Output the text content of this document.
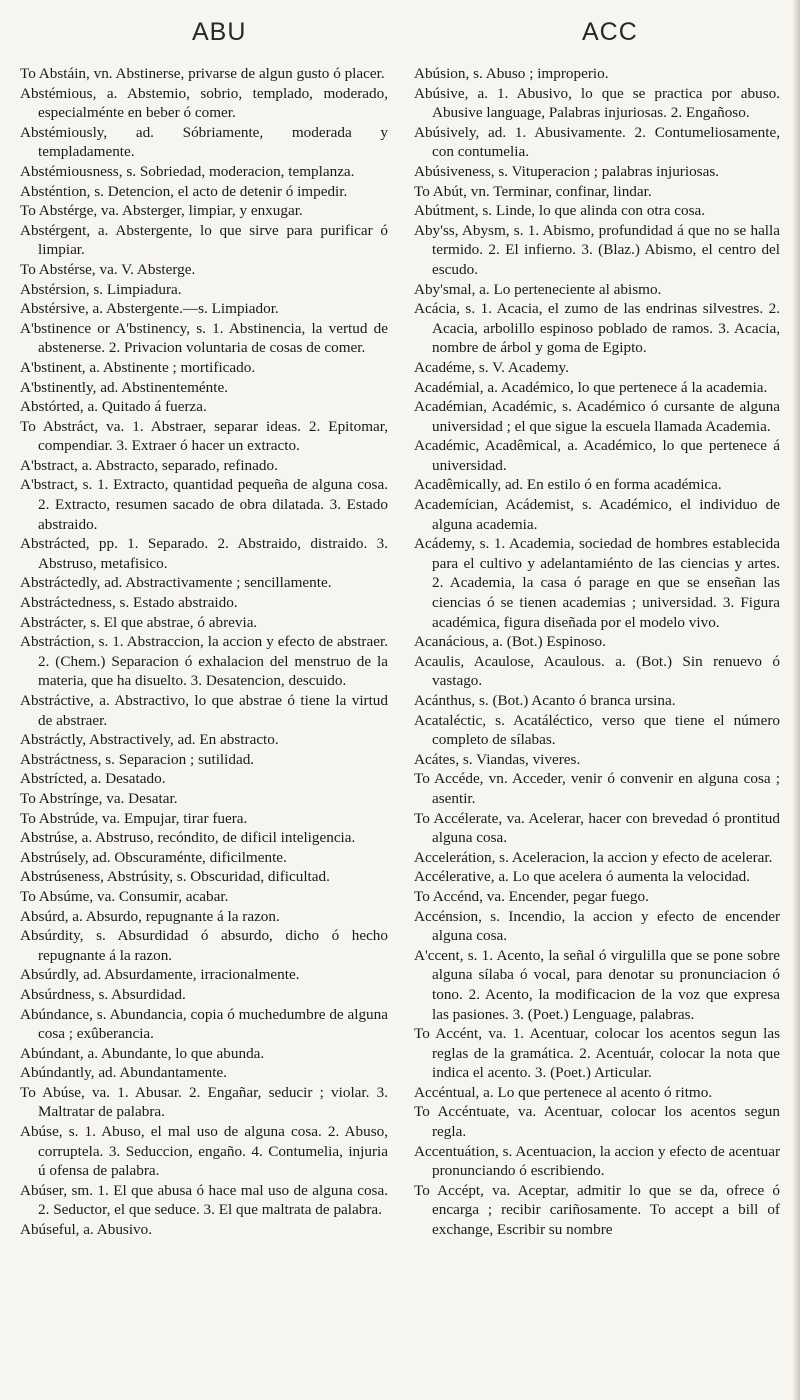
ABU	ACC

To Abstáin, vn. Abstinerse, privarse de algun gusto ó placer.

Abstémious, a. Abstemio, sobrio, templado, moderado, especialménte en beber ó comer.

Abstémiously, ad. Sóbriamente, moderada y templadamente.

Abstémiousness, s. Sobriedad, moderacion, templanza.

Absténtion, s. Detencion, el acto de detenir ó impedir.

To Abstérge, va. Absterger, limpiar, y enxugar.

Abstérgent, a. Abstergente, lo que sirve para purificar ó limpiar.

To Abstérse, va. V. Absterge.

Abstérsion, s. Limpiadura.

Abstérsive, a. Abstergente.—s. Limpiador.

A'bstinence or A'bstinency, s. 1. Abstinencia, la vertud de abstenerse. 2. Privacion voluntaria de cosas de comer.

A'bstinent, a. Abstinente ; mortificado.

A'bstinently, ad. Abstinenteménte.

Abstórted, a. Quitado á fuerza.

To Abstráct, va. 1. Abstraer, separar ideas. 2. Epitomar, compendiar. 3. Extraer ó hacer un extracto.

A'bstract, a. Abstracto, separado, refinado.

A'bstract, s. 1. Extracto, quantidad pequeña de alguna cosa. 2. Extracto, resumen sacado de obra dilatada. 3. Estado abstraido.

Abstrácted, pp. 1. Separado. 2. Abstraido, distraido. 3. Abstruso, metafisico.

Abstráctedly, ad. Abstractivamente ; sencillamente.

Abstráctedness, s. Estado abstraido.

Abstrácter, s. El que abstrae, ó abrevia.

Abstráction, s. 1. Abstraccion, la accion y efecto de abstraer. 2. (Chem.) Separacion ó exhalacion del menstruo de la materia, que ha disuelto. 3. Desatencion, descuido.

Abstráctive, a. Abstractivo, lo que abstrae ó tiene la virtud de abstraer.

Abstráctly, Abstractively, ad. En abstracto.

Abstráctness, s. Separacion ; sutilidad.

Abstrícted, a. Desatado.

To Abstrínge, va. Desatar.

To Abstrúde, va. Empujar, tirar fuera.

Abstrúse, a. Abstruso, recóndito, de dificil inteligencia.

Abstrúsely, ad. Obscuraménte, dificilmente.

Abstrúseness, Abstrúsity, s. Obscuridad, dificultad.

To Absúme, va. Consumir, acabar.

Absúrd, a. Absurdo, repugnante á la razon.

Absúrdity, s. Absurdidad ó absurdo, dicho ó hecho repugnante á la razon.

Absúrdly, ad. Absurdamente, irracionalmente.

Absúrdness, s. Absurdidad.

Abúndance, s. Abundancia, copia ó muchedumbre de alguna cosa ; exûberancia.

Abúndant, a. Abundante, lo que abunda.

Abúndantly, ad. Abundantamente.

To Abúse, va. 1. Abusar. 2. Engañar, seducir ; violar. 3. Maltratar de palabra.

Abúse, s. 1. Abuso, el mal uso de alguna cosa. 2. Abuso, corruptela. 3. Seduccion, engaño. 4. Contumelia, injuria ú ofensa de palabra.

Abúser, sm. 1. El que abusa ó hace mal uso de alguna cosa. 2. Seductor, el que seduce. 3. El que maltrata de palabra.

Abúseful, a. Abusivo.

Abúsion, s. Abuso ; improperio.

Abúsive, a. 1. Abusivo, lo que se practica por abuso. Abusive language, Palabras injuriosas. 2. Engañoso.

Abúsively, ad. 1. Abusivamente. 2. Contumeliosamente, con contumelia.

Abúsiveness, s. Vituperacion ; palabras injuriosas.

To Abút, vn. Terminar, confinar, lindar.

Abútment, s. Linde, lo que alinda con otra cosa.

Aby'ss, Abysm, s. 1. Abismo, profundidad á que no se halla termido. 2. El infierno. 3. (Blaz.) Abismo, el centro del escudo.

Aby'smal, a. Lo perteneciente al abismo.

Acácia, s. 1. Acacia, el zumo de las endrinas silvestres. 2. Acacia, arbolillo espinoso poblado de ramos. 3. Acacia, nombre de árbol y goma de Egipto.

Académe, s. V. Academy.

Académial, a. Académico, lo que pertenece á la academia.

Académian, Académic, s. Académico ó cursante de alguna universidad ; el que sigue la escuela llamada Academia.

Académic, Acadêmical, a. Académico, lo que pertenece á universidad.

Acadêmically, ad. En estilo ó en forma académica.

Academícian, Acádemist, s. Académico, el individuo de alguna academia.

Acádemy, s. 1. Academia, sociedad de hombres establecida para el cultivo y adelantamiénto de las ciencias y artes. 2. Academia, la casa ó parage en que se enseñan las ciencias ó se tienen academias ; universidad. 3. Figura académica, figura diseñada por el modelo vivo.

Acanácious, a. (Bot.) Espinoso.

Acaulis, Acaulose, Acaulous. a. (Bot.) Sin renuevo ó vastago.

Acánthus, s. (Bot.) Acanto ó branca ursina.

Acataléctic, s. Acatáléctico, verso que tiene el número completo de sílabas.

Acátes, s. Viandas, viveres.

To Accéde, vn. Acceder, venir ó convenir en alguna cosa ; asentir.

To Accélerate, va. Acelerar, hacer con brevedad ó prontitud alguna cosa.

Accelerátion, s. Aceleracion, la accion y efecto de acelerar.

Accélerative, a. Lo que acelera ó aumenta la velocidad.

To Accénd, va. Encender, pegar fuego.

Accénsion, s. Incendio, la accion y efecto de encender alguna cosa.

A'ccent, s. 1. Acento, la señal ó virgulilla que se pone sobre alguna sílaba ó vocal, para denotar su pronunciacion ó tono. 2. Acento, la modificacion de la voz que expresa las pasiones. 3. (Poet.) Lenguage, palabras.

To Accént, va. 1. Acentuar, colocar los acentos segun las reglas de la gramática. 2. Acentuár, colocar la nota que indica el acento. 3. (Poet.) Articular.

Accéntual, a. Lo que pertenece al acento ó ritmo.

To Accéntuate, va. Acentuar, colocar los acentos segun regla.

Accentuátion, s. Acentuacion, la accion y efecto de acentuar pronunciando ó escribiendo.

To Accépt, va. Aceptar, admitir lo que se da, ofrece ó encarga ; recibir cariñosamente. To accept a bill of exchange, Escribir su nombre
